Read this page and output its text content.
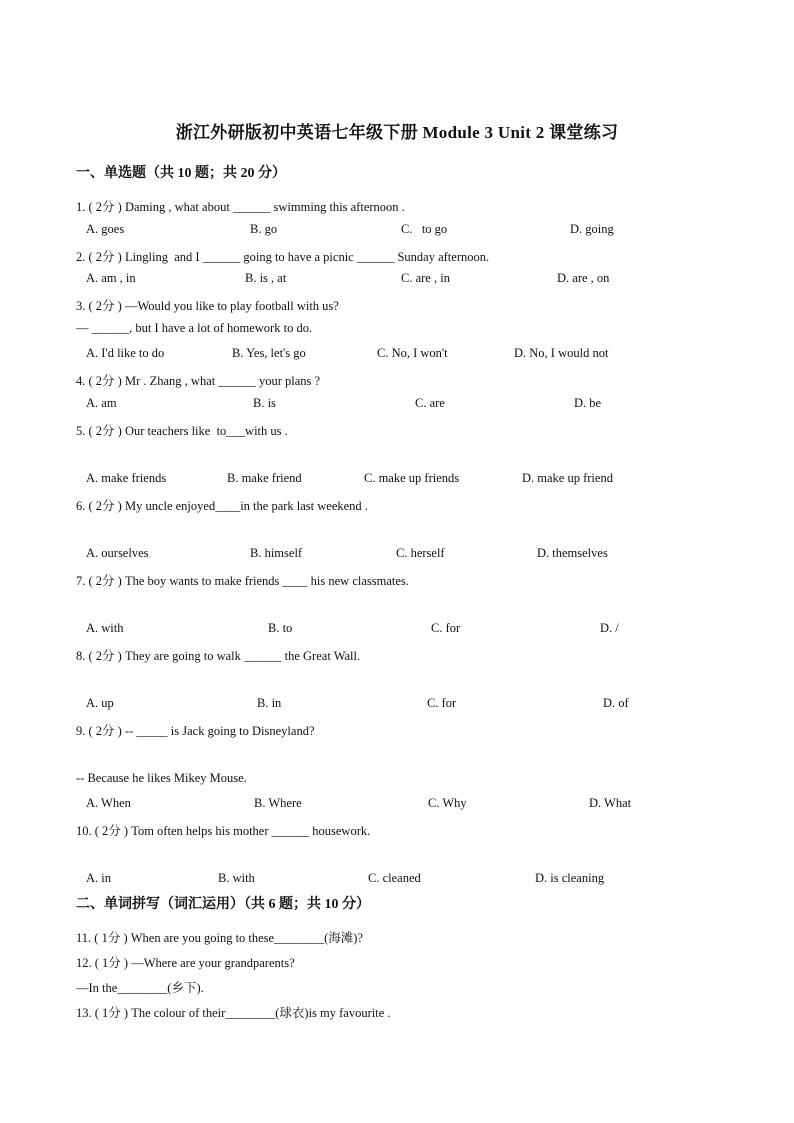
浙江外研版初中英语七年级下册 Module 3 Unit 2 课堂练习
一、单选题（共 10 题；共 20 分）
1. ( 2分 ) Daming , what about ______ swimming this afternoon .
A. goes	B. go	C.   to go	D. going
2. ( 2分 ) Lingling  and I ______ going to have a picnic ______ Sunday afternoon.
A. am , in	B. is , at	C. are , in	D. are , on
3. ( 2分 ) —Would you like to play football with us?
— ______, but I have a lot of homework to do.
A. I'd like to do	B. Yes, let's go	C. No, I won't	D. No, I would not
4. ( 2分 ) Mr . Zhang , what ______ your plans ?
A. am	B. is	C. are	D. be
5. ( 2分 ) Our teachers like  to___with us .
A. make friends	B. make friend	C. make up friends	D. make up friend
6. ( 2分 ) My uncle enjoyed____in the park last weekend .
A. ourselves	B. himself	C. herself	D. themselves
7. ( 2分 ) The boy wants to make friends ____ his new classmates.
A. with	B. to	C. for	D. /
8. ( 2分 ) They are going to walk ______ the Great Wall.
A. up	B. in	C. for	D. of
9. ( 2分 ) -- _____ is Jack going to Disneyland?
-- Because he likes Mikey Mouse.
A. When	B. Where	C. Why	D. What
10. ( 2分 ) Tom often helps his mother ______ housework.
A. in	B. with	C. cleaned	D. is cleaning
二、单词拼写（词汇运用）（共 6 题；共 10 分）
11. ( 1分 ) When are you going to these________(海滩)?
12. ( 1分 ) —Where are your grandparents?
—In the________(乡下).
13. ( 1分 ) The colour of their________(球衣)is my favourite .
